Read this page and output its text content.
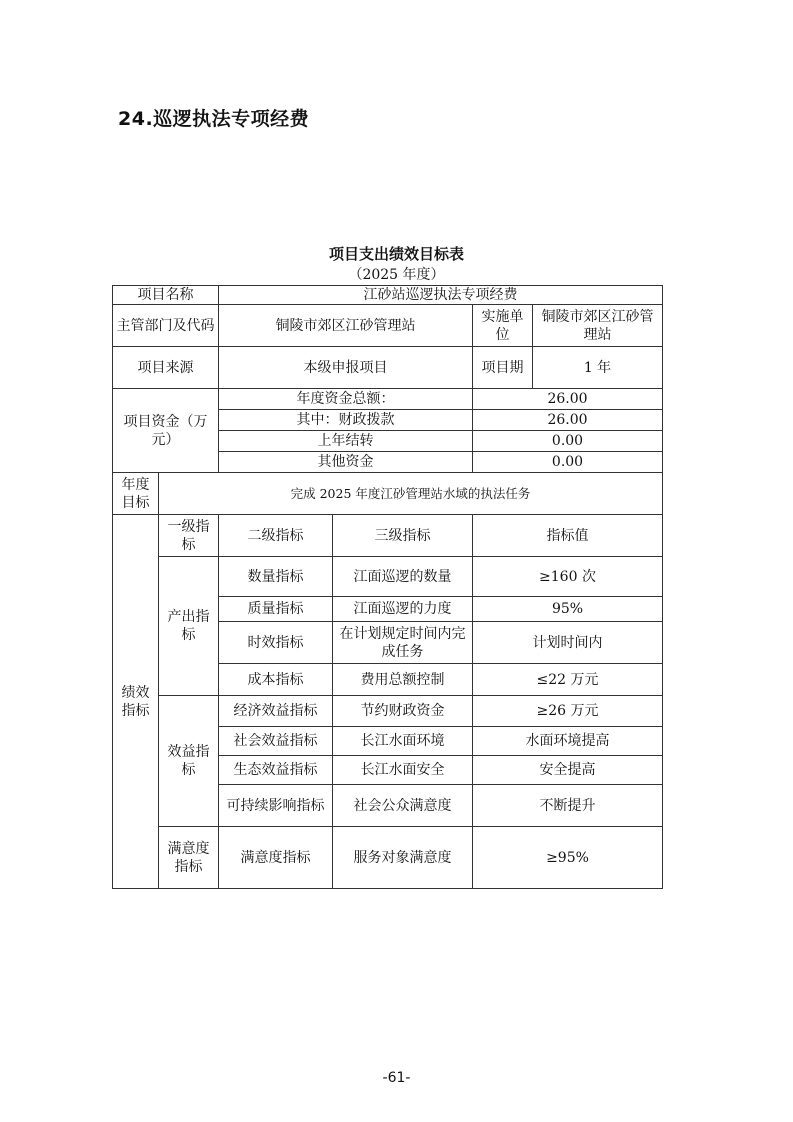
24.巡逻执法专项经费
项目支出绩效目标表
（2025 年度）
项目名称		江砂站巡逻执法专项经费			
主管部门及代码		铜陵市郊区江砂管理站		实施单位	铜陵市郊区江砂管理站
项目来源		本级申报项目		项目期	1 年
项目资金（万元）		年度资金总额：		26.00	
		其中：财政拨款		26.00	
		上年结转		0.00	
		其他资金		0.00	
年度目标	完成 2025 年度江砂管理站水域的执法任务				
绩效指标	一级指标	二级指标	三级指标	指标值	
	产出指标	数量指标	江面巡逻的数量	≥160 次	
		质量指标	江面巡逻的力度	95%	
		时效指标	在计划规定时间内完成任务	计划时间内	
		成本指标	费用总额控制	≤22 万元	
	效益指标	经济效益指标	节约财政资金	≥26 万元	
		社会效益指标	长江水面环境	水面环境提高	
		生态效益指标	长江水面安全	安全提高	
		可持续影响指标	社会公众满意度	不断提升	
	满意度指标	满意度指标	服务对象满意度	≥95%	
-61-
